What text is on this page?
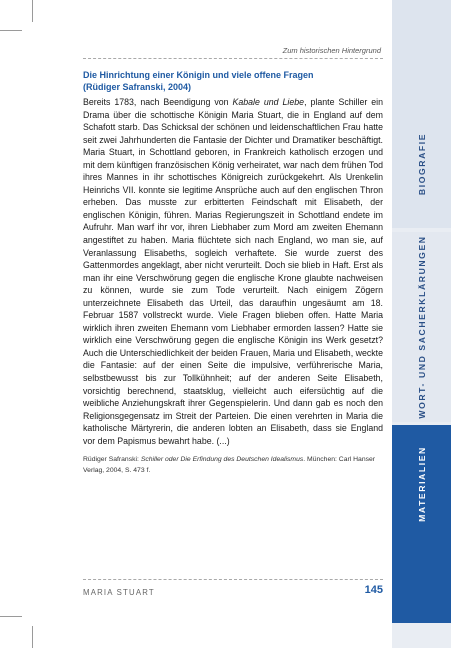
BIOGRAFIE
WORT- UND SACHERKLÄRUNGEN
MATERIALIEN
Zum historischen Hintergrund

Die Hinrichtung einer Königin und viele offene Fragen
(Rüdiger Safranski, 2004)

Bereits 1783, nach Beendigung von Kabale und Liebe, plante Schiller ein Drama über die schottische Königin Maria Stuart, die in England auf dem Schafott starb. Das Schicksal der schönen und leidenschaftlichen Frau hatte seit zwei Jahrhunderten die Fantasie der Dichter und Dramatiker beschäftigt. Maria Stuart, in Schottland geboren, in Frankreich katholisch erzogen und mit dem künftigen französischen König verheiratet, war nach dem frühen Tod ihres Mannes in ihr schottisches Königreich zurückgekehrt. Als Urenkelin Heinrichs VII. konnte sie legitime Ansprüche auch auf den englischen Thron erheben. Das musste zur erbitterten Feindschaft mit Elisabeth, der englischen Königin, führen. Marias Regierungszeit in Schottland endete im Aufruhr. Man warf ihr vor, ihren Liebhaber zum Mord am zweiten Ehemann angestiftet zu haben. Maria flüchtete sich nach England, wo man sie, auf Veranlassung Elisabeths, sogleich verhaftete. Sie wurde zuerst des Gattenmordes angeklagt, aber nicht verurteilt. Doch sie blieb in Haft. Erst als man ihr eine Verschwörung gegen die englische Krone glaubte nachweisen zu können, wurde sie zum Tode verurteilt. Nach einigem Zögern unterzeichnete Elisabeth das Urteil, das daraufhin ungesäumt am 18. Februar 1587 vollstreckt wurde. Viele Fragen blieben offen. Hatte Maria wirklich ihren zweiten Ehemann vom Liebhaber ermorden lassen? Hatte sie wirklich eine Verschwörung gegen die englische Königin ins Werk gesetzt? Auch die Unterschiedlichkeit der beiden Frauen, Maria und Elisabeth, weckte die Fantasie: auf der einen Seite die impulsive, verführerische Maria, selbstbewusst bis zur Tollkühnheit; auf der anderen Seite Elisabeth, vorsichtig berechnend, staatsklug, vielleicht auch eifersüchtig auf die weibliche Anziehungskraft ihrer Gegenspielerin. Und dann gab es noch den Religionsgegensatz im Streit der Parteien. Die einen verehrten in Maria die katholische Märtyrerin, die anderen lobten an Elisabeth, dass sie England vor dem Papismus bewahrt habe. (...)

Rüdiger Safranski: Schiller oder Die Erfindung des Deutschen Idealismus. München: Carl Hanser Verlag, 2004, S. 473 f.

MARIA STUART	145
